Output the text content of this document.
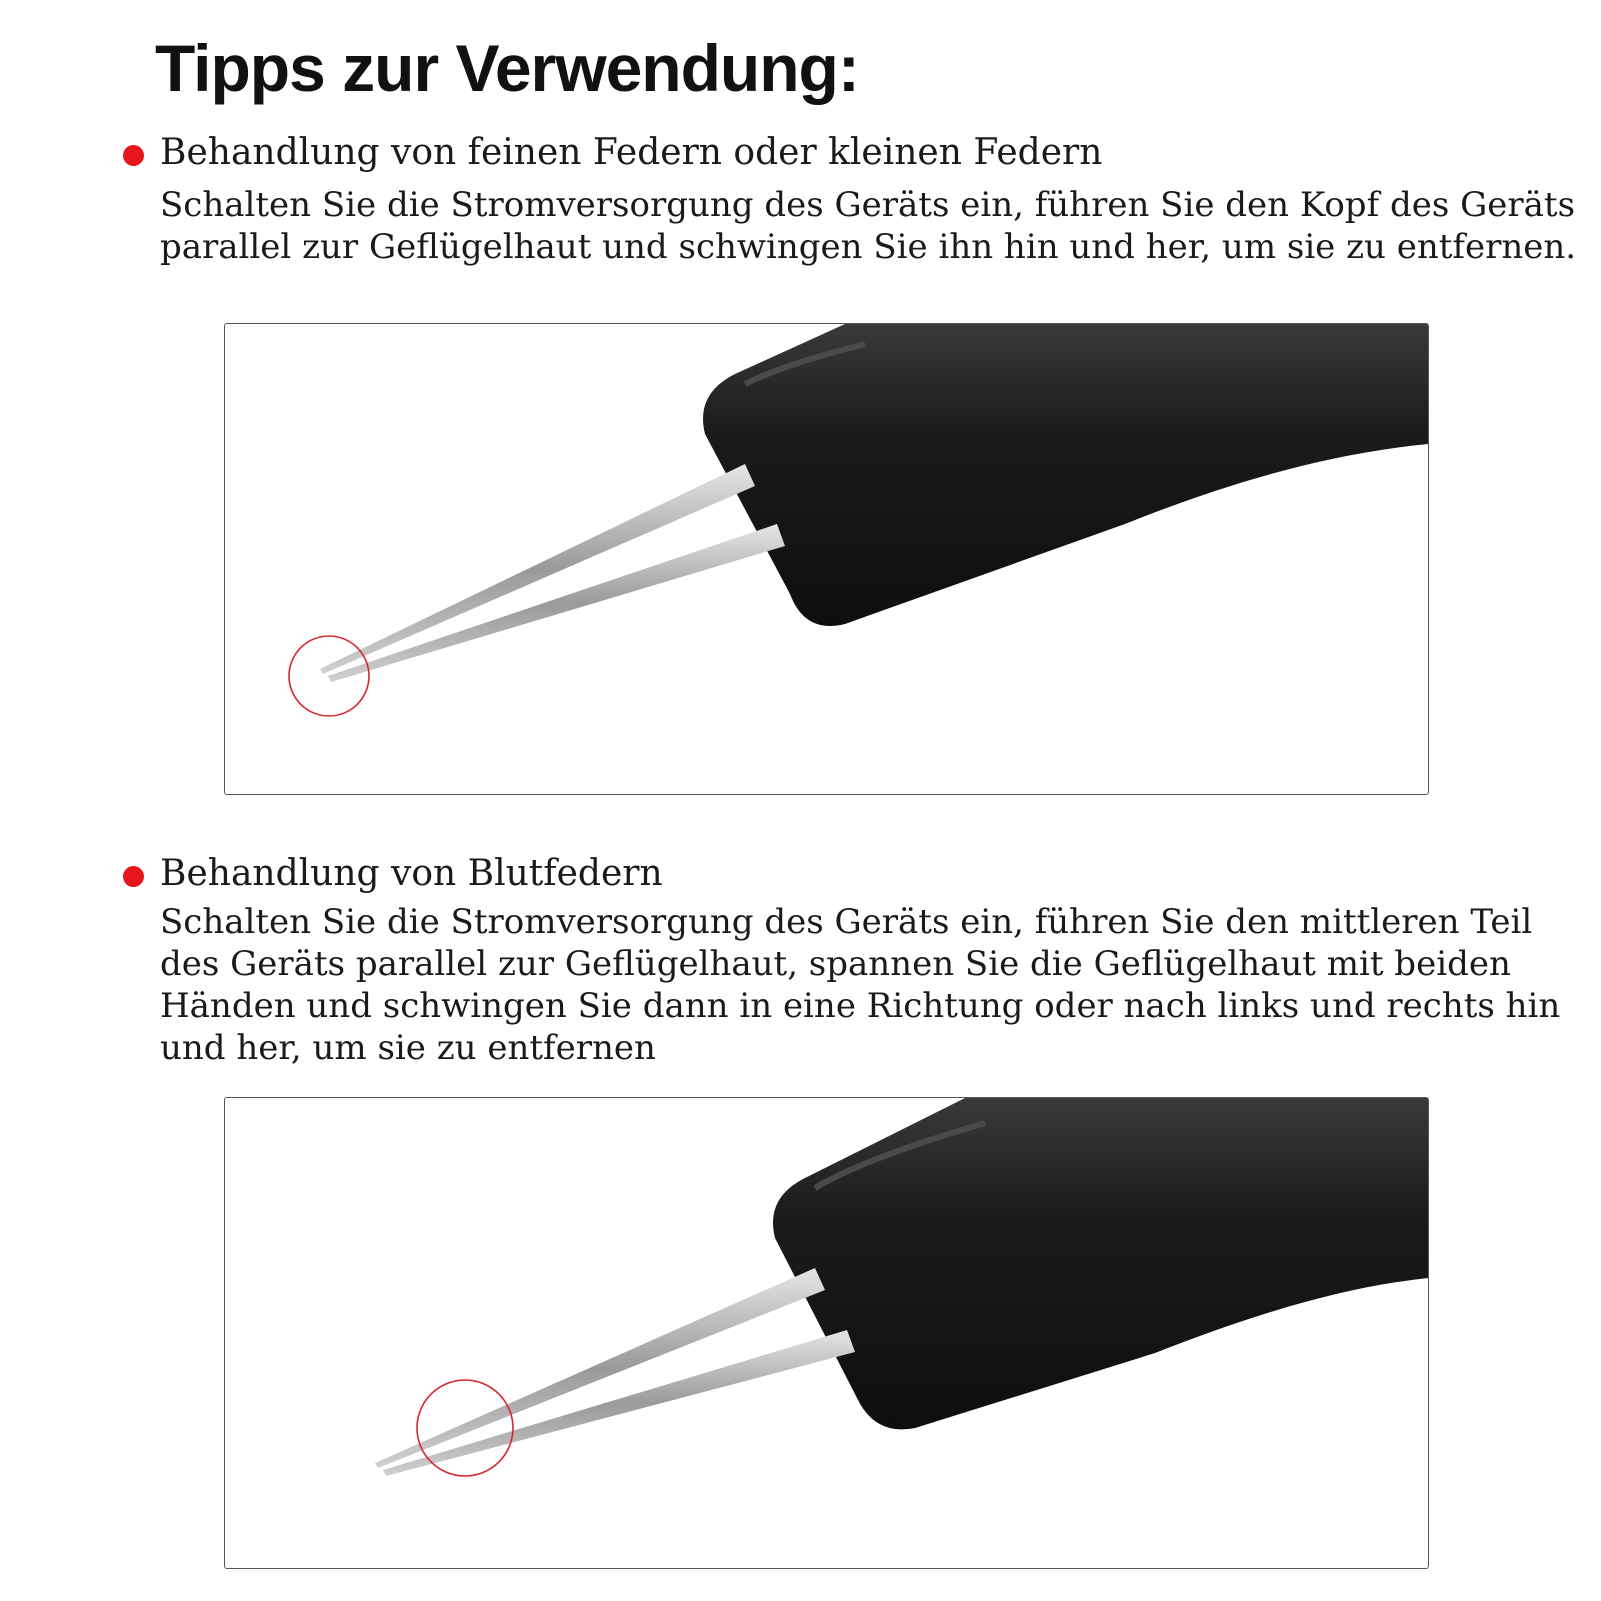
Tipps zur Verwendung:
Behandlung von feinen Federn oder kleinen Federn

Schalten Sie die Stromversorgung des Geräts ein, führen Sie den Kopf des Geräts parallel zur Geflügelhaut und schwingen Sie ihn hin und her, um sie zu entfernen.

Behandlung von Blutfedern

Schalten Sie die Stromversorgung des Geräts ein, führen Sie den mittleren Teil des Geräts parallel zur Geflügelhaut, spannen Sie die Geflügelhaut mit beiden Händen und schwingen Sie dann in eine Richtung oder nach links und rechts hin und her, um sie zu entfernen
